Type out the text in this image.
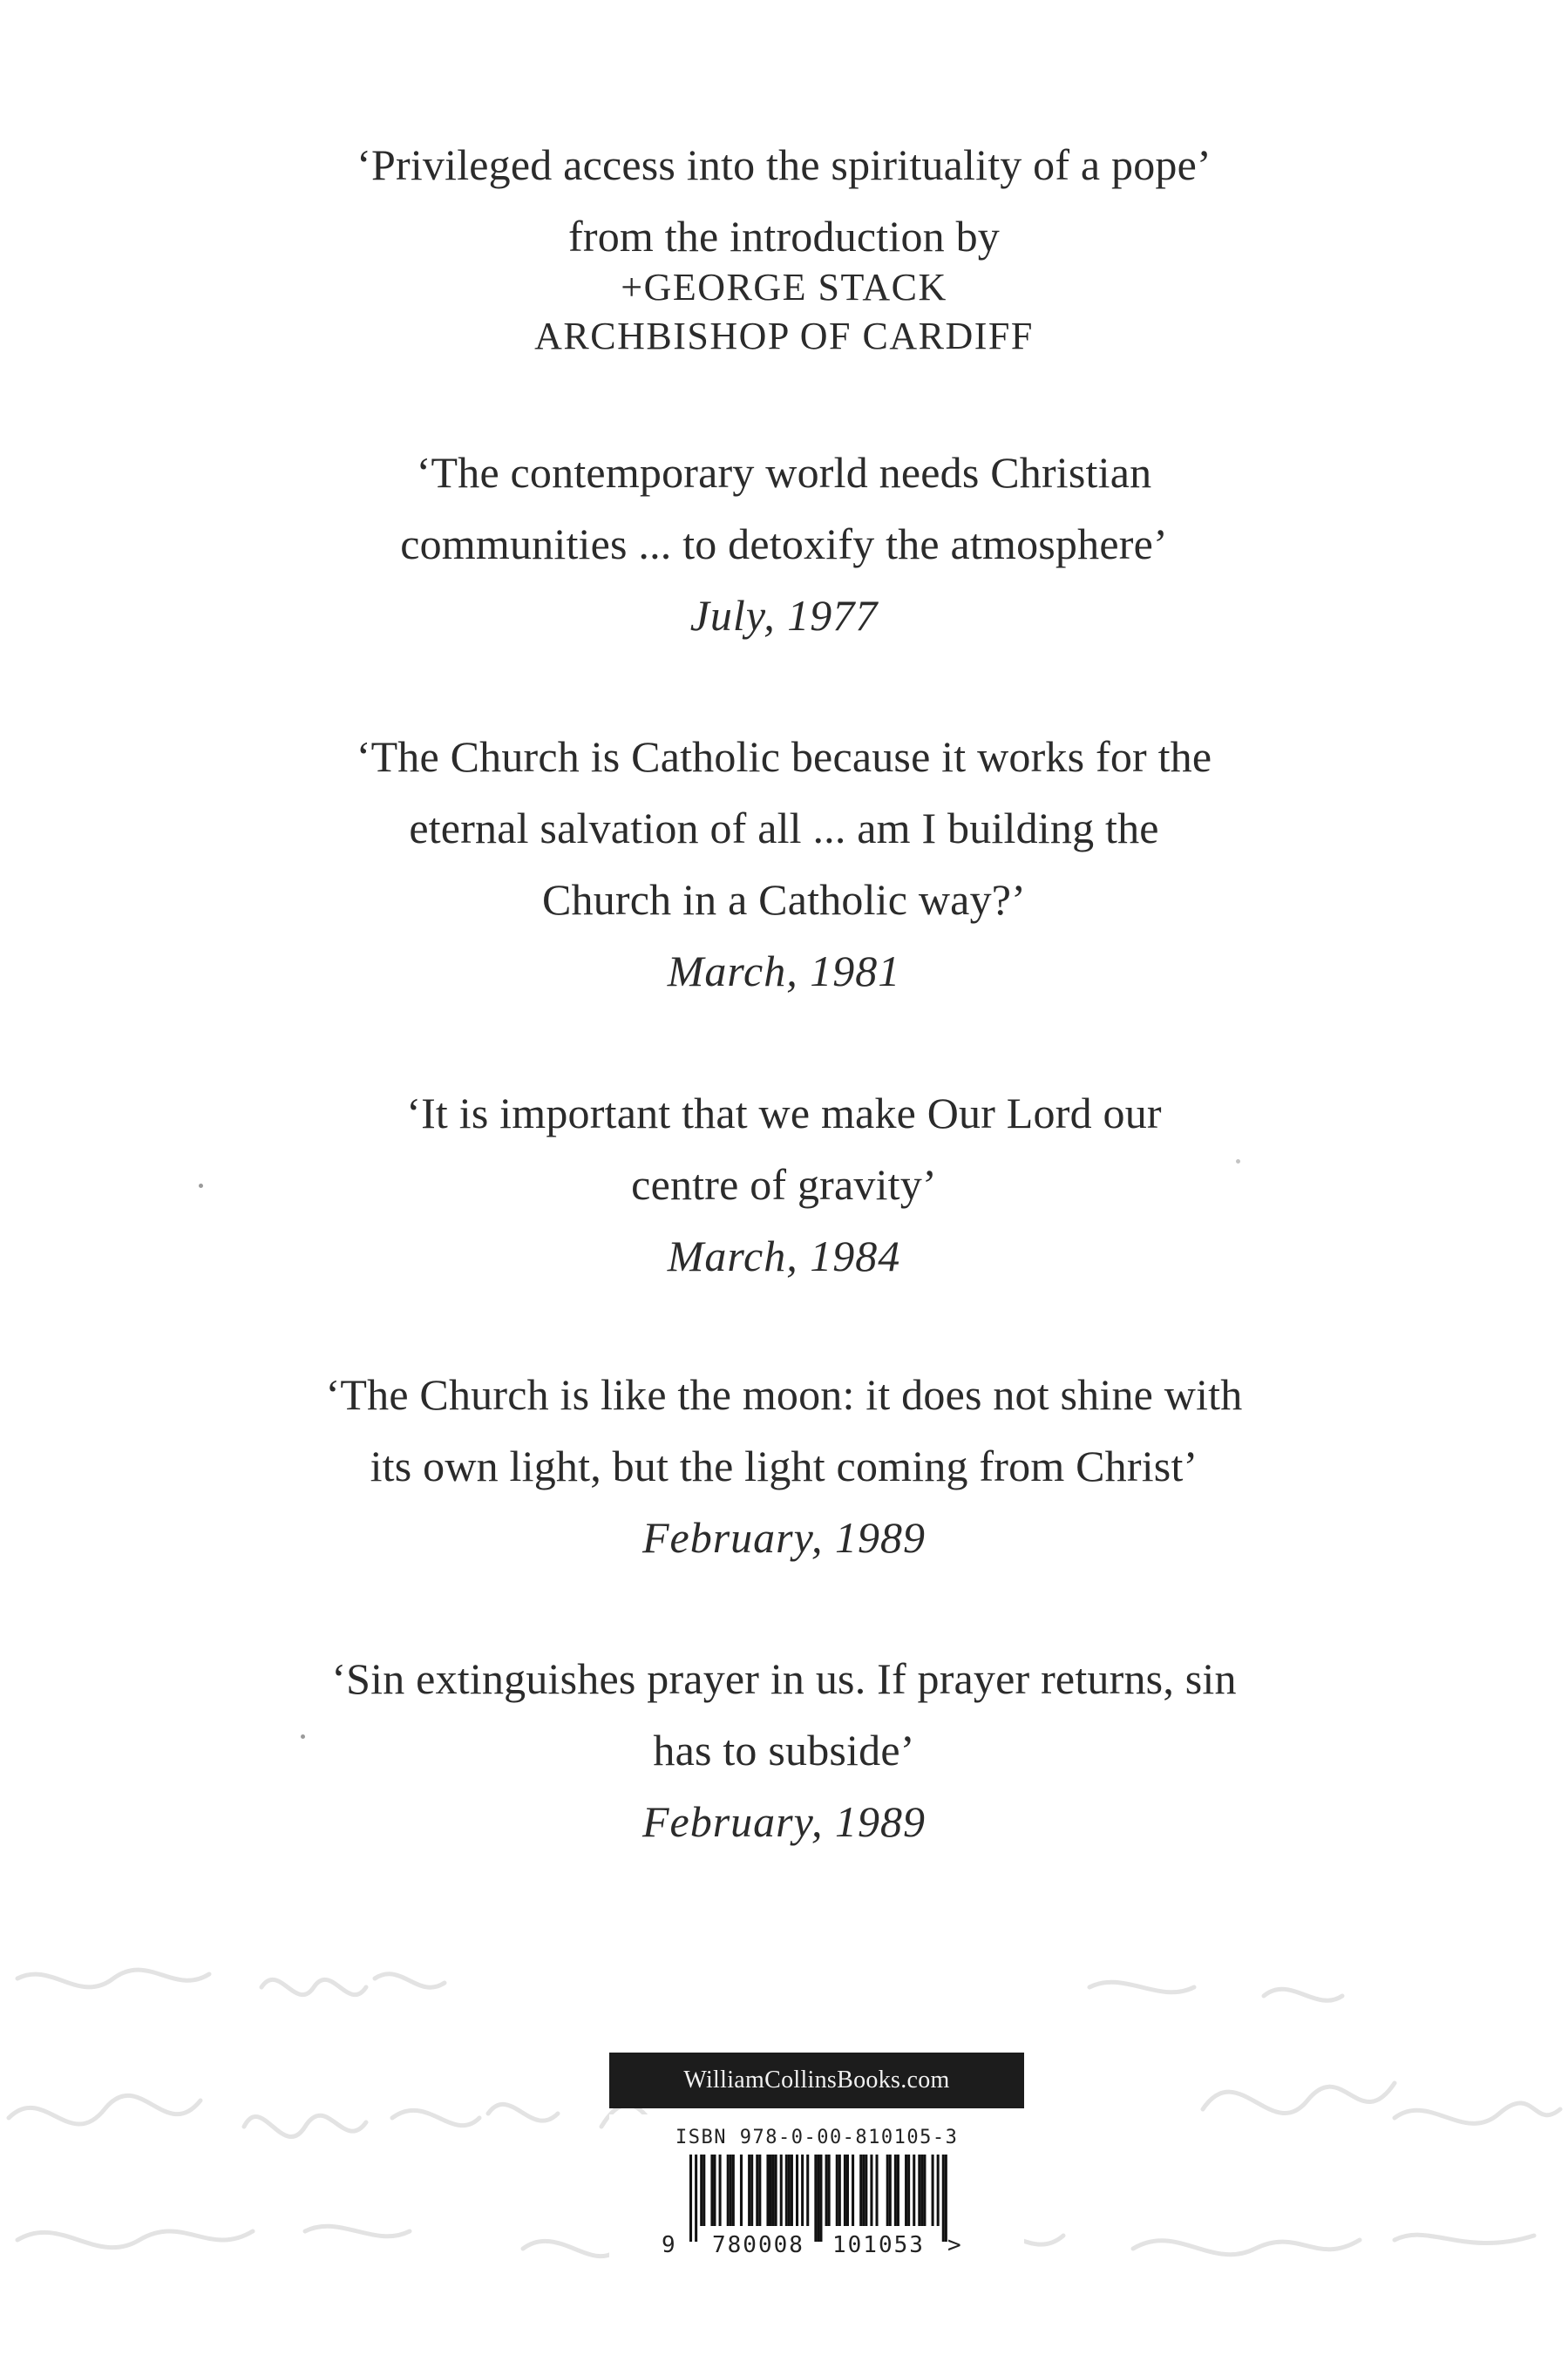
‘Privileged access into the spirituality of a pope’
from the introduction by
+GEORGE STACK
ARCHBISHOP OF CARDIFF
‘The contemporary world needs Christian
communities ... to detoxify the atmosphere’
July, 1977
‘The Church is Catholic because it works for the
eternal salvation of all ... am I building the
Church in a Catholic way?’
March, 1981
‘It is important that we make Our Lord our
centre of gravity’
March, 1984
‘The Church is like the moon: it does not shine with
its own light, but the light coming from Christ’
February, 1989
‘Sin extinguishes prayer in us. If prayer returns, sin
has to subside’
February, 1989
WilliamCollinsBooks.com
ISBN 978-0-00-810105-3
9 780008 101053 >
